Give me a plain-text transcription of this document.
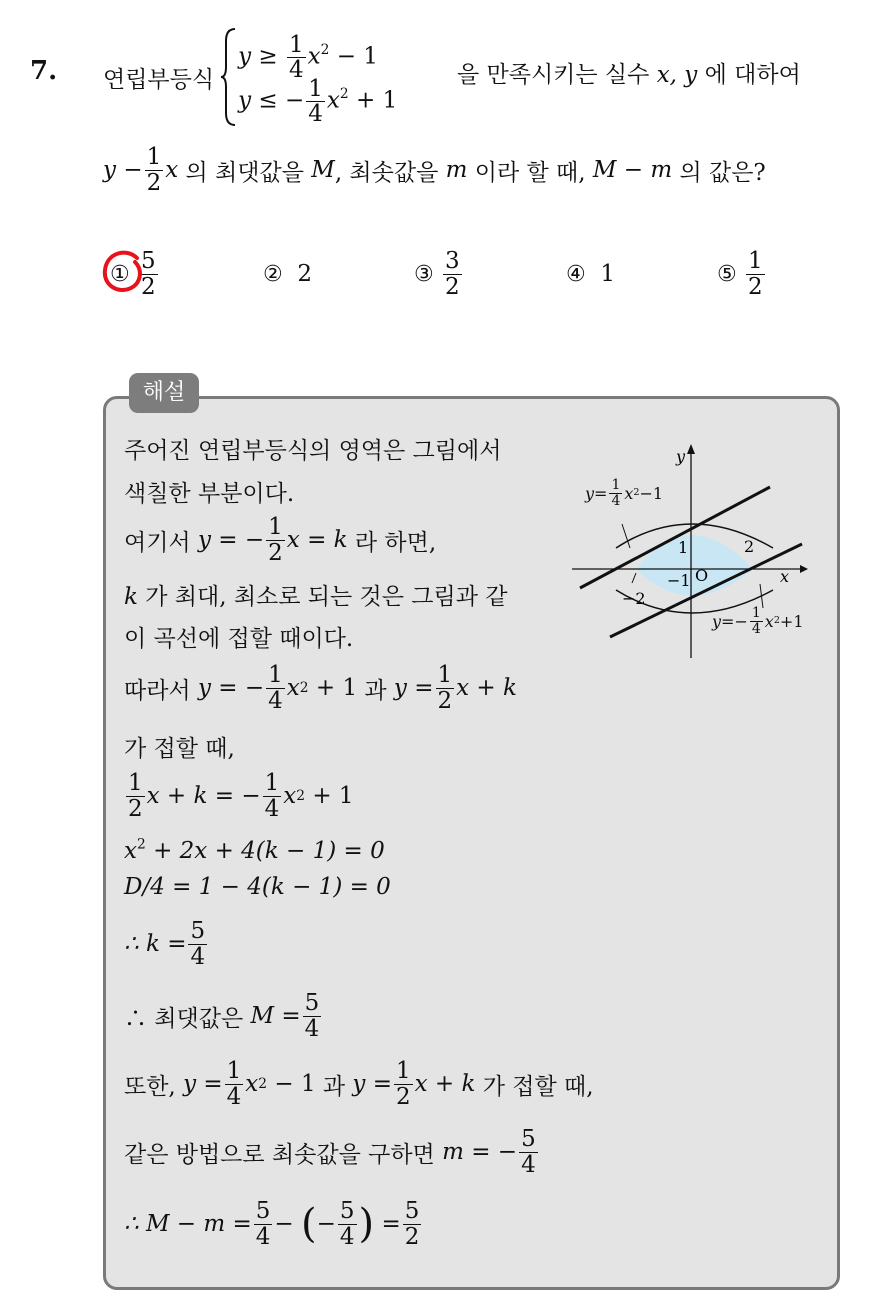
7. 연립부등식
$y \ge \frac{1}{4} x^2 - 1$
y ≤ − $\frac{1}{4} x^2 + 1$
을 만족시키는 실수 x, y 에 대하여
y
− $\frac{1}{2}$ x
의 최댓값을
M , 최솟값을
m
이라 할 때,
M − m
의 값은?
①
$\frac{5}{2}$	② 2	③
$\frac{3}{2}$	④ 1	⑤
$\frac{1}{2}$
해설
주어진 연립부등식의 영역은 그림에서
색칠한 부분이다.
여기서
y = − $\frac{1}{2}$ x = k
라 하면,
k 가 최대, 최소로 되는 것은 그림과 같
이 곡선에 접할 때이다.
따라서
y = − $\frac{1}{4}$ x 2
+ 1
과
$y = \frac{1}{2}$ x + k
가 접할 때,
$\frac{1}{2}$ x + k = − $\frac{1}{4}$ x 2
+ 1
$x^2 + 2x + 4(k - 1) = 0$
D/4 = 1 − 4(k − 1) = 0
∴ $k = \frac{5}{4}$
∴ 최댓값은
$M = \frac{5}{4}$
또한,
$y = \frac{1}{4}$ x 2
− 1
과
$y = \frac{1}{2}$ x + k
가 접할 때,
같은 방법으로 최솟값을 구하면
m = − $\frac{5}{4}$
∴ $M - m = \frac{5}{4}$ −
( − $\frac{5}{4}$ )
= $\frac{5}{2}$
y
x
O
1
−1
−2
2
$y= \frac{1}{4}$ x 2 −1
$y=- \frac{1}{4}$ x 2 +1
